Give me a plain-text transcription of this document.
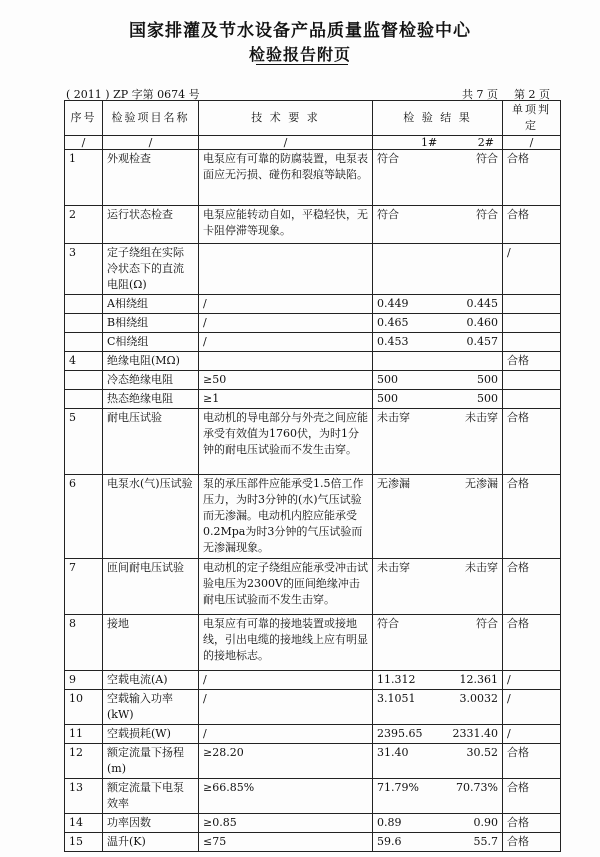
国家排灌及节水设备产品质量监督检验中心
检验报告附页
( 2011 ) ZP 字第 0674 号	共 7 页 第 2 页
序号	检验项目名称	技 术 要 求	检 验 结 果	单项判定
/	/	/	1# 2#	/
1	外观检查	电泵应有可靠的防腐装置，电泵表面应无污损、碰伤和裂痕等缺陷。	符合 符合	合格
2	运行状态检查	电泵应能转动自如，平稳轻快，无卡阻停滞等现象。	符合 符合	合格
3	定子绕组在实际冷状态下的直流电阻(Ω)			/
	A相绕组	/	0.449 0.445	

	B相绕组	/	0.465 0.460	

	C相绕组	/	0.453 0.457	

4	绝缘电阻(MΩ)			合格
	冷态绝缘电阻	≥50	500 500	

	热态绝缘电阻	≥1	500 500	

5	耐电压试验	电动机的导电部分与外壳之间应能承受有效值为1760伏，为时1分钟的耐电压试验而不发生击穿。	未击穿 未击穿	合格
6	电泵水(气)压试验	泵的承压部件应能承受1.5倍工作压力，为时3分钟的(水)气压试验而无渗漏。电动机内腔应能承受0.2Mpa为时3分钟的气压试验而无渗漏现象。	无渗漏 无渗漏	合格
7	匝间耐电压试验	电动机的定子绕组应能承受冲击试验电压为2300V的匝间绝缘冲击耐电压试验而不发生击穿。	未击穿 未击穿	合格
8	接地	电泵应有可靠的接地装置或接地线，引出电缆的接地线上应有明显的接地标志。	符合 符合	合格
9	空载电流(A)	/	11.312 12.361	/
10	空载输入功率(kW)	/	3.1051 3.0032	/
11	空载损耗(W)	/	2395.65 2331.40	/
12	额定流量下扬程(m)	≥28.20	31.40 30.52	合格
13	额定流量下电泵效率	≥66.85%	71.79% 70.73%	合格
14	功率因数	≥0.85	0.89 0.90	合格
15	温升(K)	≤75	59.6 55.7	合格
